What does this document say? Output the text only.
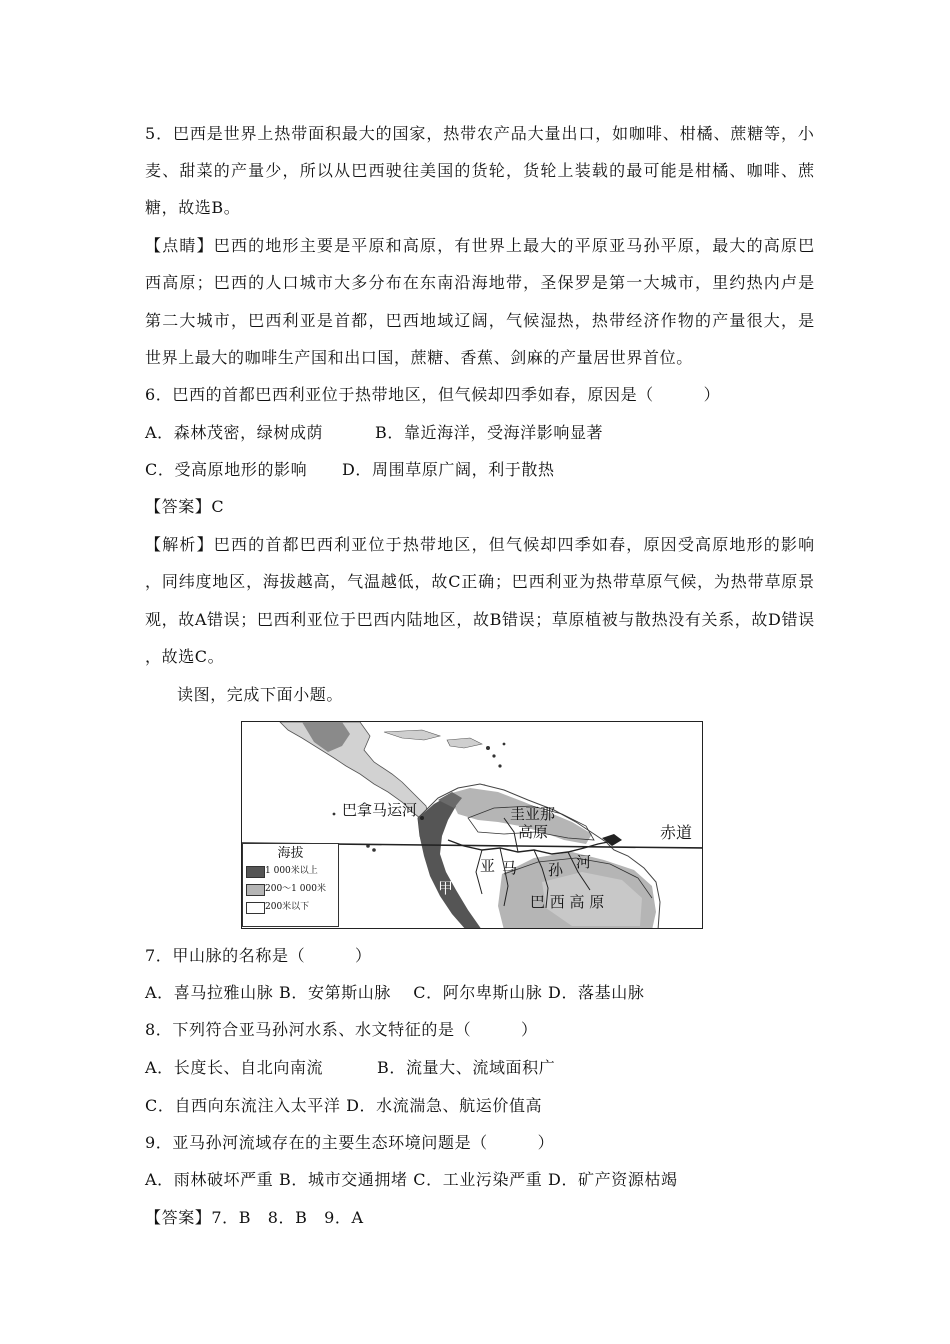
5 ． 巴 西 是 世 界 上 热 带 面 积 最 大 的 国 家 ， 热 带 农 产 品 大 量 出 口 ， 如 咖 啡 、 柑 橘 、 蔗 糖 等 ， 小
麦 、 甜 菜 的 产 量 少 ， 所 以 从 巴 西 驶 往 美 国 的 货 轮 ， 货 轮 上 装 载 的 最 可 能 是 柑 橘 、 咖 啡 、 蔗
糖，故选B。
【 点 睛 】 巴 西 的 地 形 主 要 是 平 原 和 高 原 ， 有 世 界 上 最 大 的 平 原 亚 马 孙 平 原 ， 最 大 的 高 原 巴
西 高 原 ； 巴 西 的 人 口 城 市 大 多 分 布 在 东 南 沿 海 地 带 ， 圣 保 罗 是 第 一 大 城 市 ， 里 约 热 内 卢 是
第 二 大 城 市 ， 巴 西 利 亚 是 首 都 ， 巴 西 地 域 辽 阔 ， 气 候 湿 热 ， 热 带 经 济 作 物 的 产 量 很 大 ， 是
世界上最大的咖啡生产国和出口国，蔗糖、香蕉、剑麻的产量居世界首位。
6．巴西的首都巴西利亚位于热带地区，但气候却四季如春，原因是（　　　）
A．森林茂密，绿树成荫	B．靠近海洋，受海洋影响显著
C．受高原地形的影响 D．周围草原广阔，利于散热
【答案】C
【 解 析 】 巴 西 的 首 都 巴 西 利 亚 位 于 热 带 地 区 ， 但 气 候 却 四 季 如 春 ， 原 因 受 高 原 地 形 的 影 响
， 同 纬 度 地 区 ， 海 拔 越 高 ， 气 温 越 低 ， 故 C 正 确 ； 巴 西 利 亚 为 热 带 草 原 气 候 ， 为 热 带 草 原 景
观 ， 故 A 错 误 ； 巴 西 利 亚 位 于 巴 西 内 陆 地 区 ， 故 B 错 误 ； 草 原 植 被 与 散 热 没 有 关 系 ， 故 D 错 误
，故选C。
读图，完成下面小题。
巴拿马运河	圭亚那
高原	赤道
亚 马 孙 河
巴 西 高 原
甲
海拔
1 000米以上
200～1 000米
200米以下
7．甲山脉的名称是（　　　）
A．喜马拉雅山脉 B．安第斯山脉　 C．阿尔卑斯山脉 D．落基山脉
8．下列符合亚马孙河水系、水文特征的是（　　　）
A．长度长、自北向南流	B．流量大、流域面积广
C．自西向东流注入太平洋 D．水流湍急、航运价值高
9．亚马孙河流域存在的主要生态环境问题是（　　　）
A．雨林破坏严重 B．城市交通拥堵 C．工业污染严重 D．矿产资源枯竭
【答案】7．B　8．B　9．A
